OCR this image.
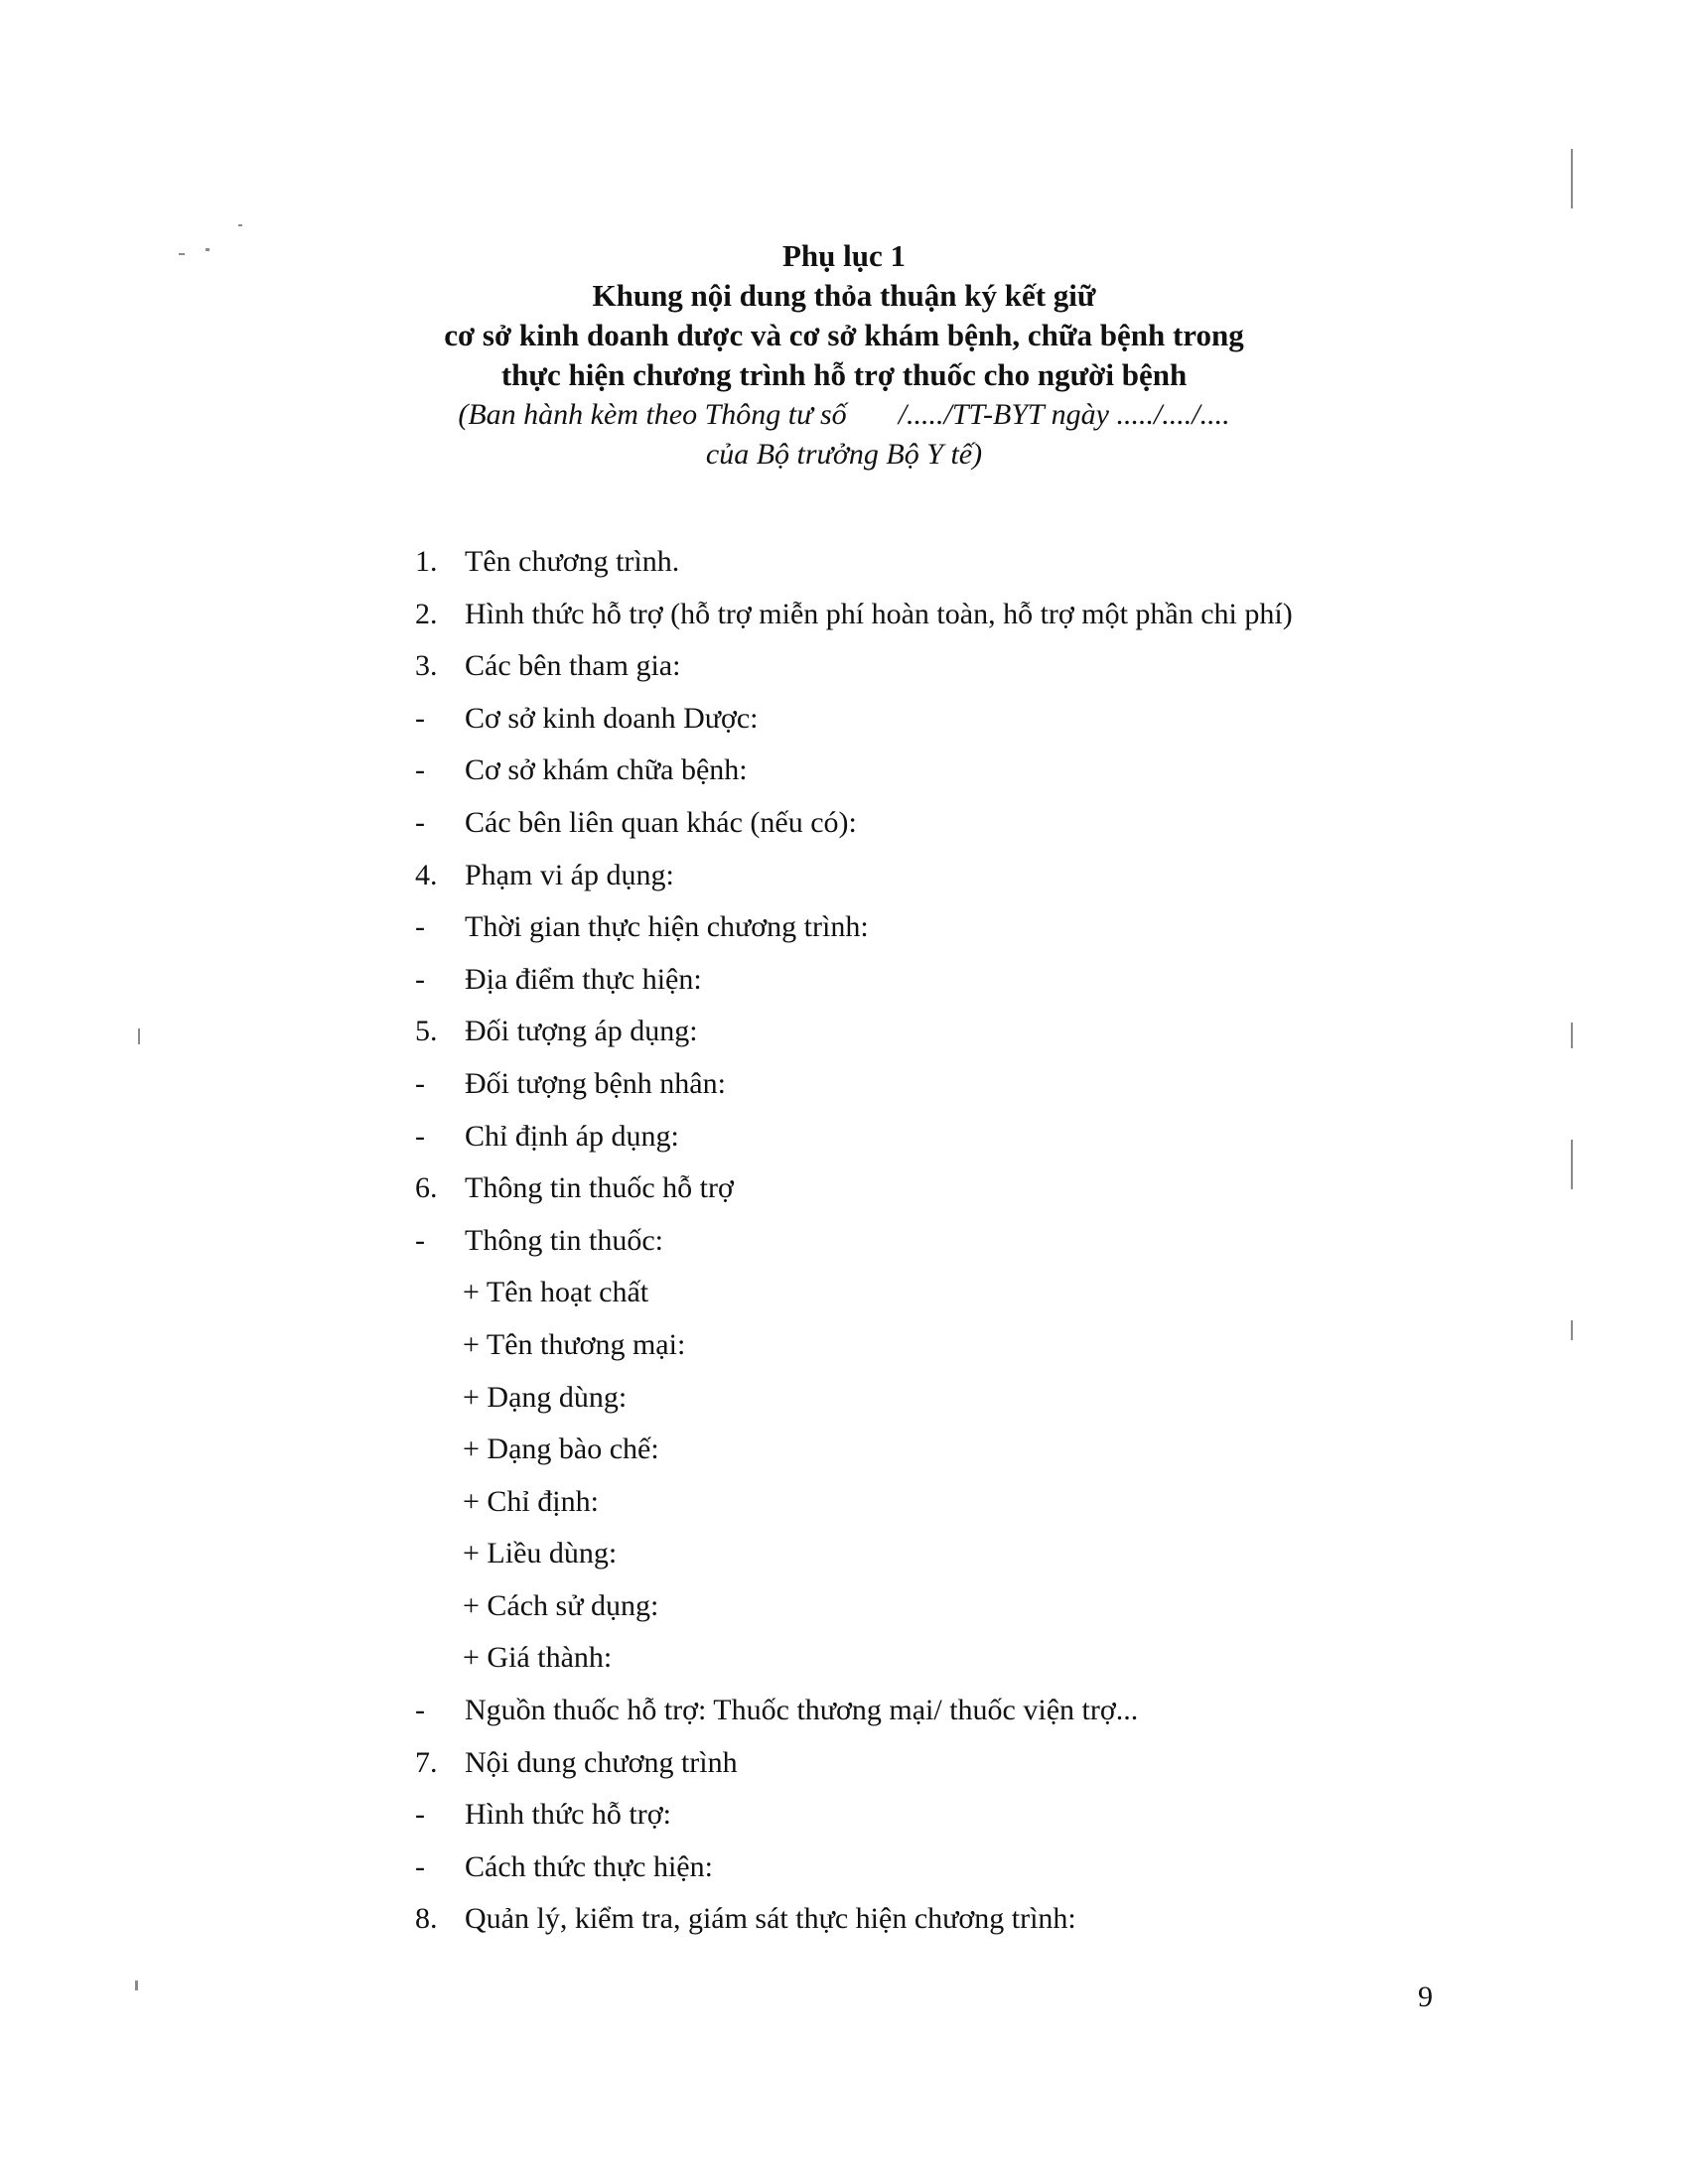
Phụ lục 1
Khung nội dung thỏa thuận ký kết giữ
cơ sở kinh doanh dược và cơ sở khám bệnh, chữa bệnh trong
thực hiện chương trình hỗ trợ thuốc cho người bệnh
(Ban hành kèm theo Thông tư số /...../TT-BYT ngày ...../..../....
của Bộ trưởng Bộ Y tế)
1. Tên chương trình.
2. Hình thức hỗ trợ (hỗ trợ miễn phí hoàn toàn, hỗ trợ một phần chi phí)
3. Các bên tham gia:
- Cơ sở kinh doanh Dược:
- Cơ sở khám chữa bệnh:
- Các bên liên quan khác (nếu có):
4. Phạm vi áp dụng:
- Thời gian thực hiện chương trình:
- Địa điểm thực hiện:
5. Đối tượng áp dụng:
- Đối tượng bệnh nhân:
- Chỉ định áp dụng:
6. Thông tin thuốc hỗ trợ
- Thông tin thuốc:
+ Tên hoạt chất
+ Tên thương mại:
+ Dạng dùng:
+ Dạng bào chế:
+ Chỉ định:
+ Liều dùng:
+ Cách sử dụng:
+ Giá thành:
- Nguồn thuốc hỗ trợ: Thuốc thương mại/ thuốc viện trợ...
7. Nội dung chương trình
- Hình thức hỗ trợ:
- Cách thức thực hiện:
8. Quản lý, kiểm tra, giám sát thực hiện chương trình:
9
